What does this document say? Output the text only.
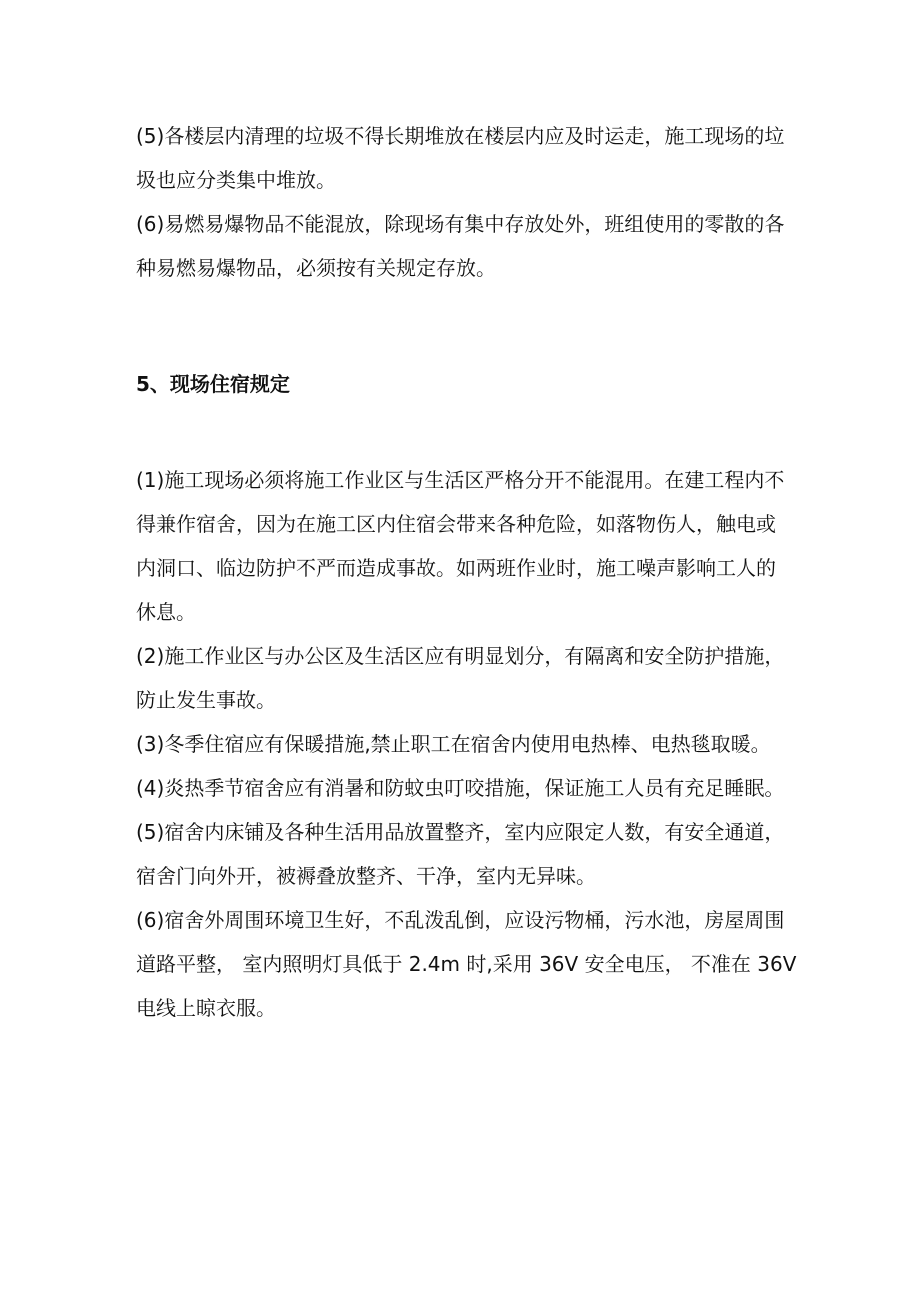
(5)各楼层内清理的垃圾不得长期堆放在楼层内应及时运走，施工现场的垃
圾也应分类集中堆放。

(6)易燃易爆物品不能混放，除现场有集中存放处外，班组使用的零散的各
种易燃易爆物品，必须按有关规定存放。

5、现场住宿规定

(1)施工现场必须将施工作业区与生活区严格分开不能混用。在建工程内不
得兼作宿舍，因为在施工区内住宿会带来各种危险，如落物伤人，触电或
内洞口、临边防护不严而造成事故。如两班作业时，施工噪声影响工人的
休息。

(2)施工作业区与办公区及生活区应有明显划分，有隔离和安全防护措施，
防止发生事故。

(3)冬季住宿应有保暖措施,禁止职工在宿舍内使用电热棒、电热毯取暖。

(4)炎热季节宿舍应有消暑和防蚊虫叮咬措施，保证施工人员有充足睡眠。

(5)宿舍内床铺及各种生活用品放置整齐，室内应限定人数，有安全通道，
宿舍门向外开，被褥叠放整齐、干净，室内无异味。

(6)宿舍外周围环境卫生好，不乱泼乱倒，应设污物桶，污水池，房屋周围
道路平整， 室内照明灯具低于 2.4m 时,采用 36V 安全电压， 不准在 36V
电线上晾衣服。
